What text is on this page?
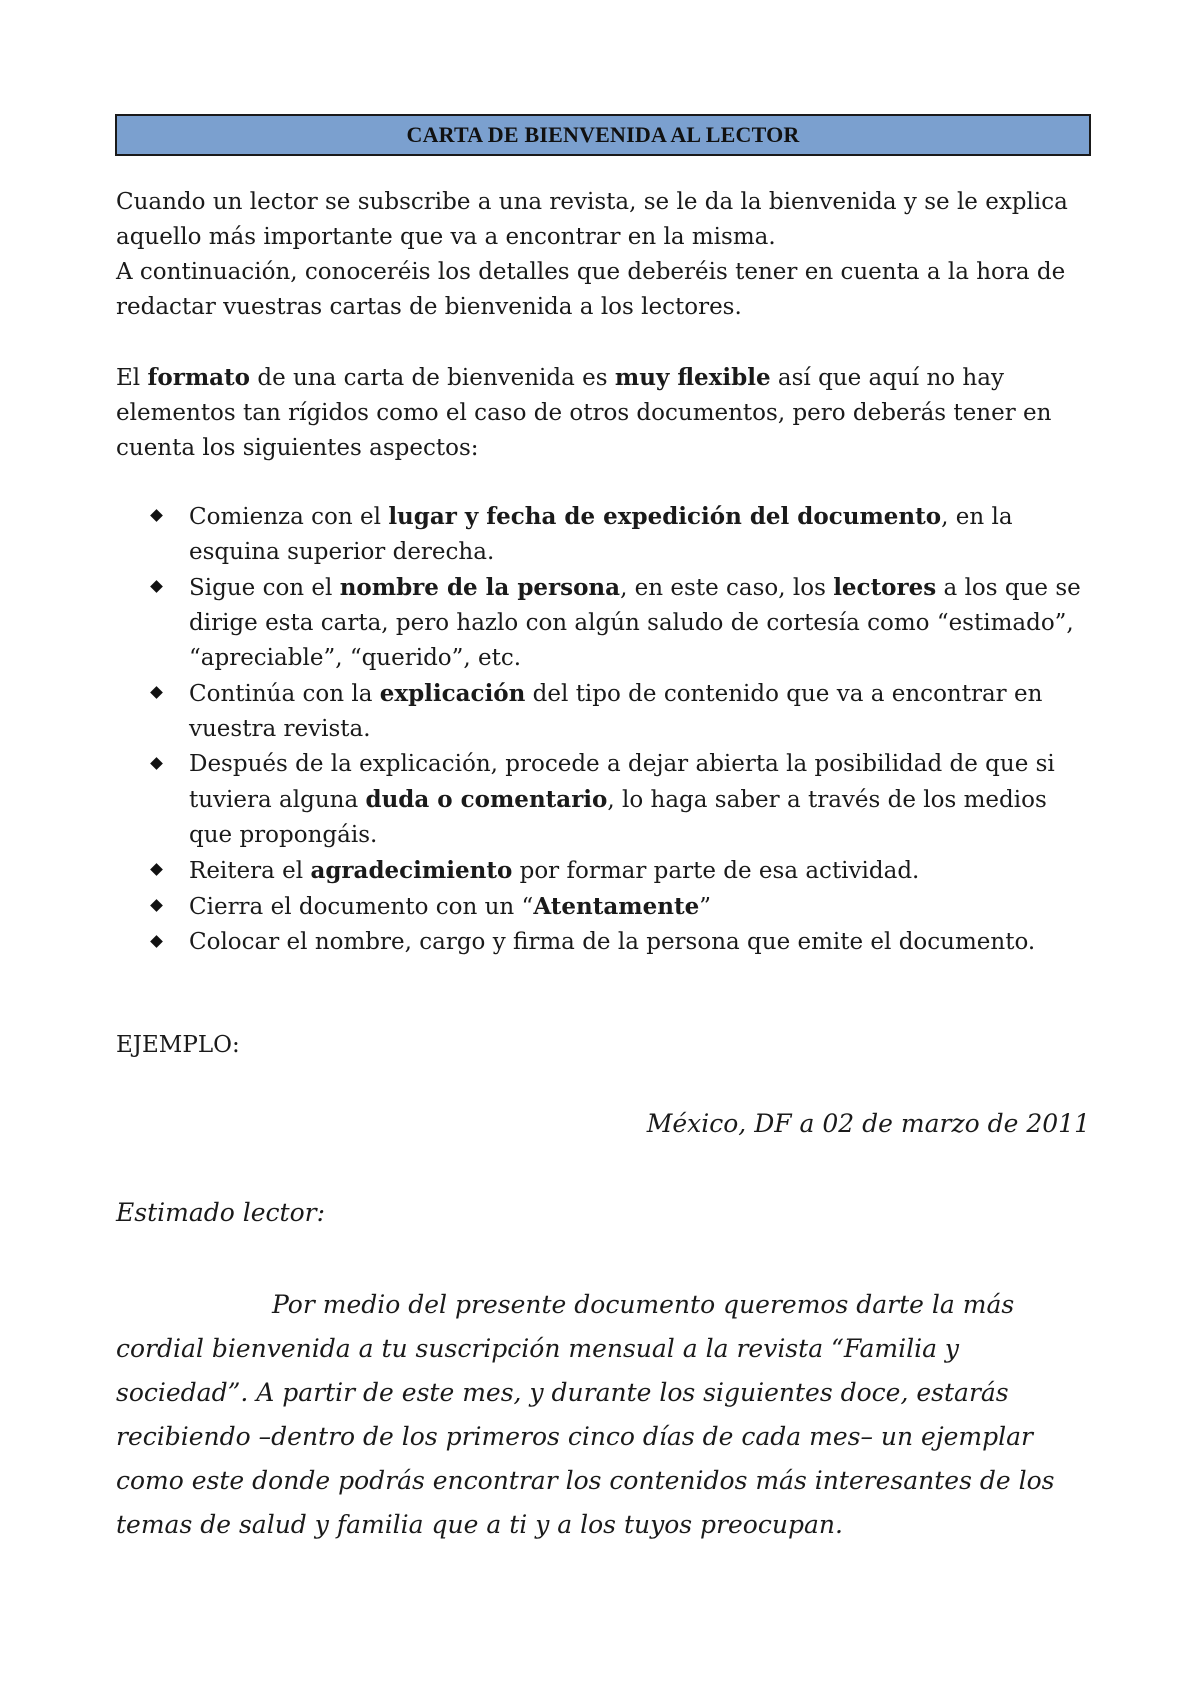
CARTA DE BIENVENIDA AL LECTOR

Cuando un lector se subscribe a una revista, se le da la bienvenida y se le explica aquello más importante que va a encontrar en la misma.

A continuación, conoceréis los detalles que deberéis tener en cuenta a la hora de redactar vuestras cartas de bienvenida a los lectores.

El formato de una carta de bienvenida es muy flexible así que aquí no hay elementos tan rígidos como el caso de otros documentos, pero deberás tener en cuenta los siguientes aspectos:

Comienza con el lugar y fecha de expedición del documento, en la esquina superior derecha.
Sigue con el nombre de la persona, en este caso, los lectores a los que se dirige esta carta, pero hazlo con algún saludo de cortesía como “estimado”, “apreciable”, “querido”, etc.
Continúa con la explicación del tipo de contenido que va a encontrar en vuestra revista.
Después de la explicación, procede a dejar abierta la posibilidad de que si tuviera alguna duda o comentario, lo haga saber a través de los medios que propongáis.
Reitera el agradecimiento por formar parte de esa actividad.
Cierra el documento con un “Atentamente”
Colocar el nombre, cargo y firma de la persona que emite el documento.
EJEMPLO:
México, DF a 02 de marzo de 2011
Estimado lector:

Por medio del presente documento queremos darte la más cordial bienvenida a tu suscripción mensual a la revista “Familia y sociedad”. A partir de este mes, y durante los siguientes doce, estarás recibiendo –dentro de los primeros cinco días de cada mes– un ejemplar como este donde podrás encontrar los contenidos más interesantes de los temas de salud y familia que a ti y a los tuyos preocupan.
